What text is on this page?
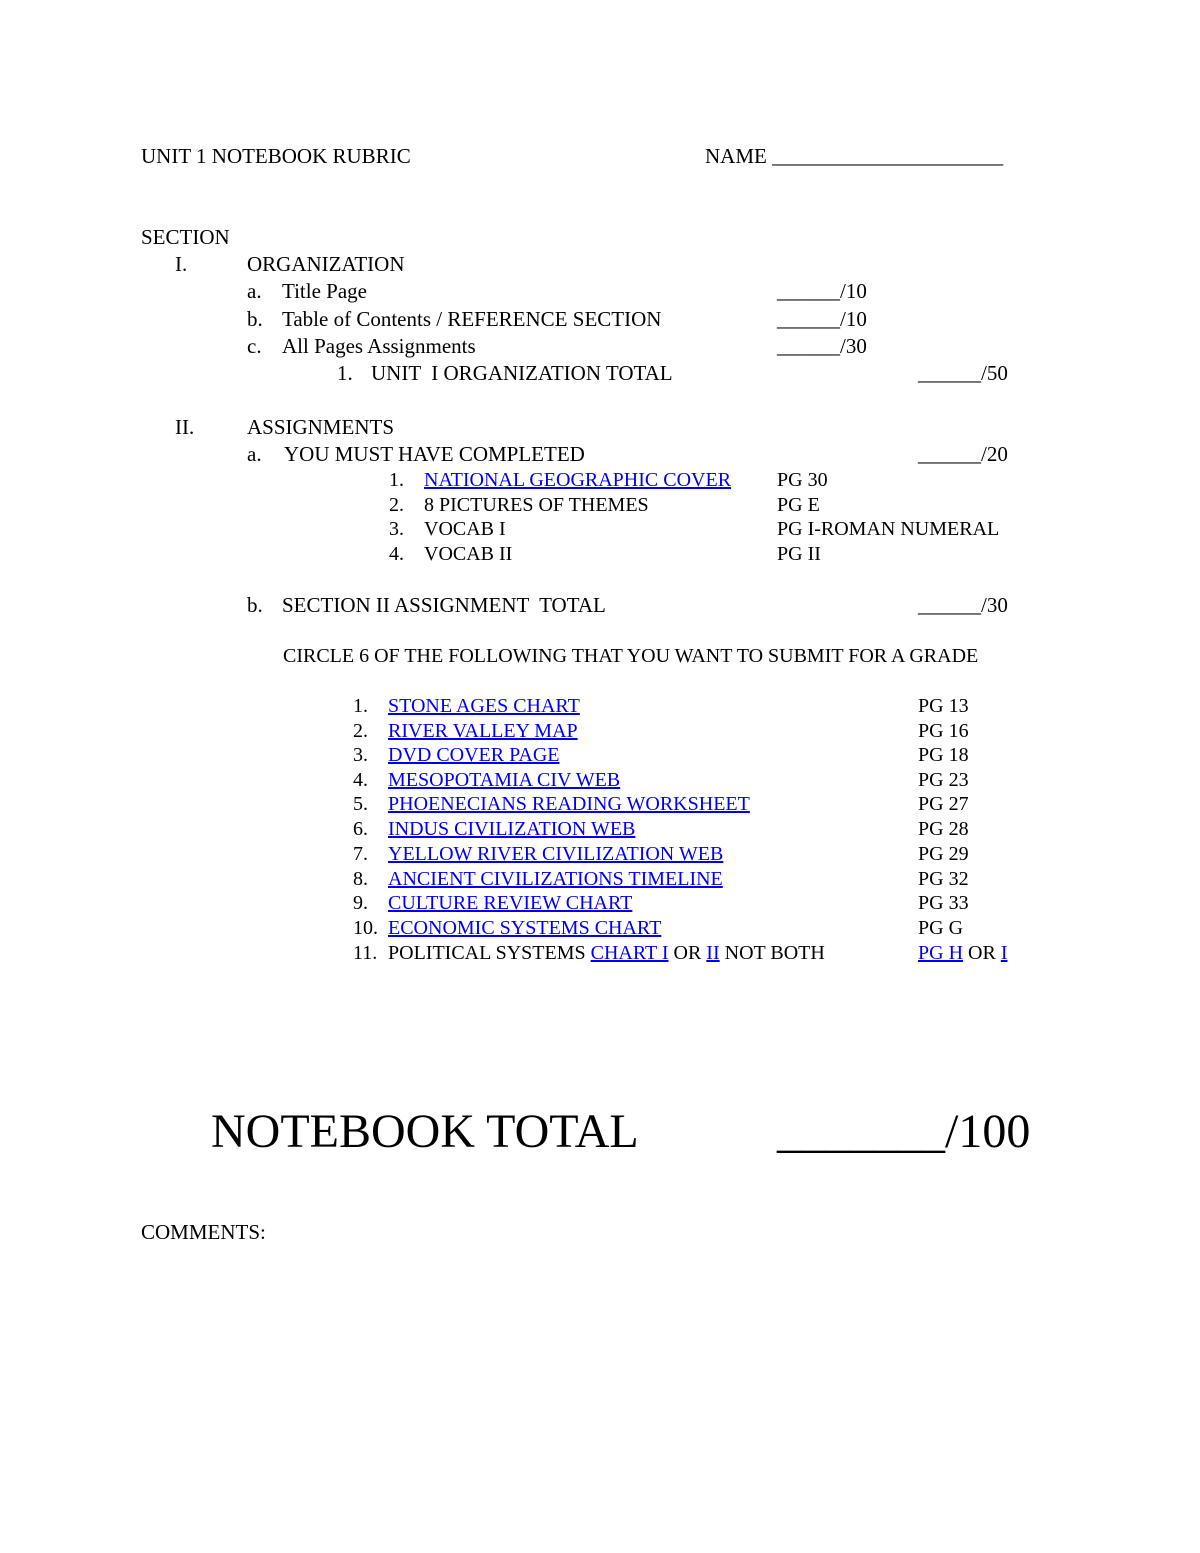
UNIT 1 NOTEBOOK RUBRIC	NAME ______________________
SECTION
I.	ORGANIZATION
a. Title Page	______/10
b. Table of Contents / REFERENCE SECTION	______/10
c. All Pages Assignments	______/30
1. UNIT  I ORGANIZATION TOTAL	______/50
II.	ASSIGNMENTS
a. YOU MUST HAVE COMPLETED	______/20
1. NATIONAL GEOGRAPHIC COVER PG 30
2. 8 PICTURES OF THEMES	PG E
3. VOCAB I	PG I-ROMAN NUMERAL
4. VOCAB II	PG II
b. SECTION II ASSIGNMENT  TOTAL	______/30
CIRCLE 6 OF THE FOLLOWING THAT YOU WANT TO SUBMIT FOR A GRADE
1. STONE AGES CHART	PG 13
2. RIVER VALLEY MAP	PG 16
3. DVD COVER PAGE	PG 18
4. MESOPOTAMIA CIV WEB	PG 23
5. PHOENECIANS READING WORKSHEET	PG 27
6. INDUS CIVILIZATION WEB	PG 28
7. YELLOW RIVER CIVILIZATION WEB	PG 29
8. ANCIENT CIVILIZATIONS TIMELINE	PG 32
9. CULTURE REVIEW CHART	PG 33
10. ECONOMIC SYSTEMS CHART	PG G
11. POLITICAL SYSTEMS CHART I OR II NOT BOTH	PG H OR I
NOTEBOOK TOTAL	_______/100
COMMENTS:
